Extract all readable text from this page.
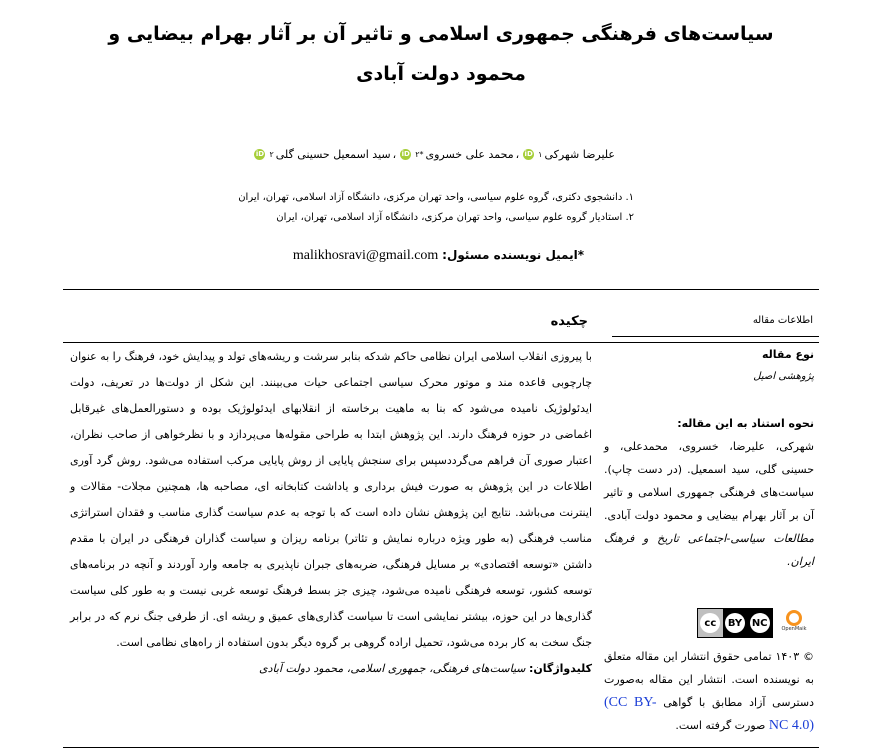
سیاست‌های فرهنگی جمهوری اسلامی و تاثیر آن بر آثار بهرام بیضایی و
محمود دولت آبادی
علیرضا شهرکی
۱
iD
،
محمد علی خسروی
*۲
iD
،
سید اسمعیل حسینی گلی
۲
iD
۱. دانشجوی دکتری، گروه علوم سیاسی، واحد تهران مرکزی، دانشگاه آزاد اسلامی، تهران، ایران
۲. استادیار گروه علوم سیاسی، واحد تهران مرکزی، دانشگاه آزاد اسلامی، تهران، ایران
*ایمیل نویسنده مسئول: malikhosravi@gmail.com
چکیده	اطلاعات مقاله
با پیروزی انقلاب اسلامی ایران نظامی حاکم شدکه بنابر سرشت و ریشه‌های تولد و پیدایش خود، فرهنگ را به عنوان چارچوبی قاعده مند و موتور محرک سیاسی اجتماعی حیات می‌بینند. این شکل از دولت‌ها در تعریف، دولت ایدئولوژیک نامیده می‌شود که بنا به ماهیت برخاسته از انقلابهای ایدئولوژیک بوده و دستورالعمل‌های غیرقابل اغماضی در حوزه فرهنگ دارند. این پژوهش ابتدا به طراحی مقوله‌ها می‌پردازد و با نظرخواهی از صاحب نظران، اعتبار صوری آن فراهم می‌گرددسپس برای سنجش پایایی از روش پایایی مرکب استفاده می‌شود. روش گرد آوری اطلاعات در این پژوهش به صورت فیش برداری و یاداشت کتابخانه ای، مصاحبه ها، همچنین مجلات- مقالات و اینترنت می‌باشد. نتایج این پژوهش نشان داده است که با توجه به عدم سیاست گذاری مناسب و فقدان استراتژی مناسب فرهنگی (به طور ویژه درباره نمایش و تئاتر) برنامه ریزان و سیاست گذاران فرهنگی در ایران با مقدم داشتن «توسعه اقتصادی» بر مسایل فرهنگی، ضربه‌های جبران ناپذیری به جامعه وارد آوردند و آنچه در برنامه‌های توسعه کشور، توسعه فرهنگی نامیده می‌شود، چیزی جز بسط فرهنگ توسعه غربی نیست و به طور کلی سیاست گذاری‌ها در این حوزه، بیشتر نمایشی است تا سیاست گذاری‌های عمیق و ریشه ای. از طرفی جنگ نرم که در برابر جنگ سخت به کار برده می‌شود، تحمیل اراده گروهی بر گروه دیگر بدون استفاده از راه‌های نظامی است.
کلیدواژگان: سیاست‌های فرهنگی، جمهوری اسلامی، محمود دولت آبادی
نوع مقاله
پژوهشی اصیل
نحوه استناد به این مقاله:
شهرکی، علیرضا، خسروی، محمدعلی، و حسینی گلی، سید اسمعیل. (در دست چاپ). سیاست‌های فرهنگی جمهوری اسلامی و تاثیر آن بر آثار بهرام بیضایی و محمود دولت آبادی. مطالعات سیاسی-اجتماعی تاریخ و فرهنگ ایران.
cc	BY NC
OpenMaik
© ۱۴۰۳ تمامی حقوق انتشار این مقاله متعلق به نویسنده است. انتشار این مقاله به‌صورت دسترسی آزاد مطابق با گواهی (CC BY-NC 4.0) صورت گرفته است.
